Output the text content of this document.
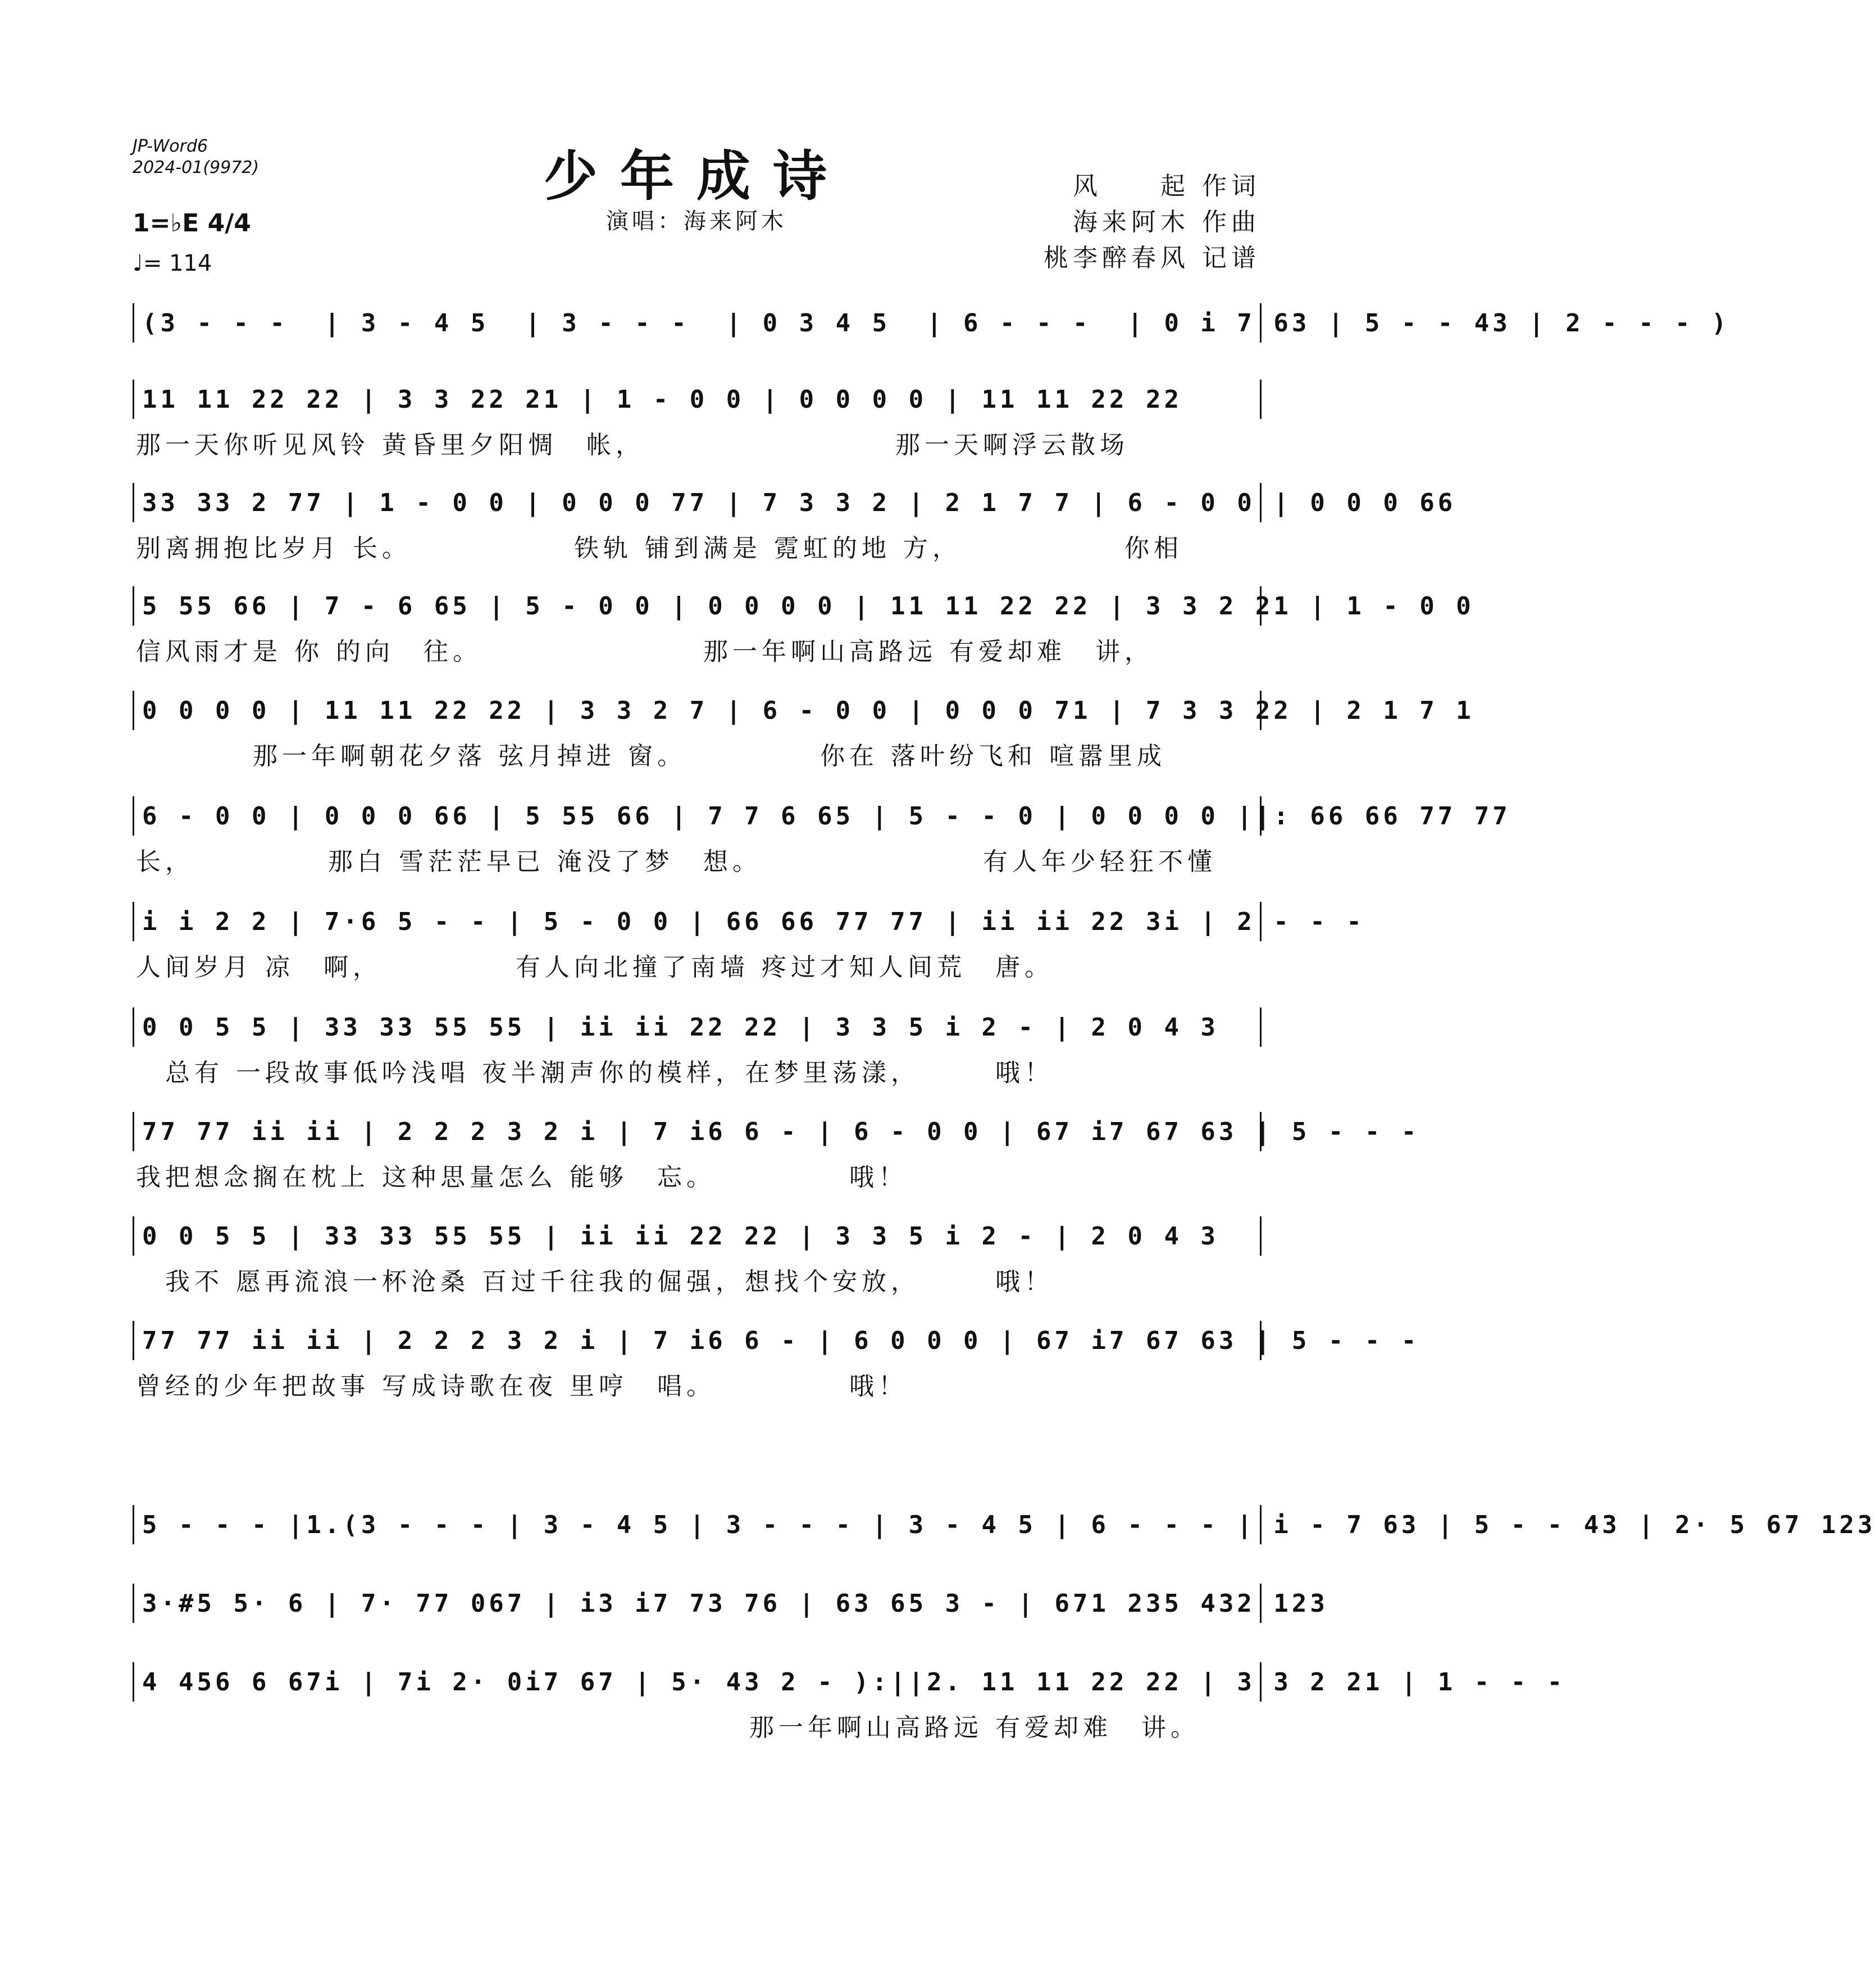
JP-Word6
2024-01(9972)	少年成诗
演唱：海来阿木
风　　起 作词
海来阿木 作曲
桃李醉春风 记谱
1=♭E 4/4
♩= 114
(3 - - -  | 3 - 4 5  | 3 - - -  | 0 3 4 5  | 6 - - -  | 0 i 7 63 | 5 - - 43 | 2 - - - )
11 11 22 22 | 3 3 22 21 | 1 - 0 0 | 0 0 0 0 | 11 11 22 22
那一天你听见风铃 黄昏里夕阳惆　帐，　　　　　　　　　那一天啊浮云散场
33 33 2 77 | 1 - 0 0 | 0 0 0 77 | 7 3 3 2 | 2 1 7 7 | 6 - 0 0 | 0 0 0 66
别离拥抱比岁月 长。　　　　　　铁轨 铺到满是 霓虹的地 方，　　　　　　你相
5 55 66 | 7 - 6 65 | 5 - 0 0 | 0 0 0 0 | 11 11 22 22 | 3 3 2 21 | 1 - 0 0
信风雨才是 你 的向　往。　　　　　　　　那一年啊山高路远 有爱却难　讲，
0 0 0 0 | 11 11 22 22 | 3 3 2 7 | 6 - 0 0 | 0 0 0 71 | 7 3 3 22 | 2 1 7 1
　　　　那一年啊朝花夕落 弦月掉进 窗。　　　　　你在 落叶纷飞和 喧嚣里成
6 - 0 0 | 0 0 0 66 | 5 55 66 | 7 7 6 65 | 5 - - 0 | 0 0 0 0 ||: 66 66 77 77
长，　　　　　那白 雪茫茫早已 淹没了梦　想。　　　　　　　　有人年少轻狂不懂
i i 2 2 | 7·6 5 - - | 5 - 0 0 | 66 66 77 77 | ii ii 22 3i | 2 - - -
人间岁月 凉　啊，　　　　　有人向北撞了南墙 疼过才知人间荒　唐。
0 0 5 5 | 33 33 55 55 | ii ii 22 22 | 3 3 5 i 2 - | 2 0 4 3
　总有 一段故事低吟浅唱 夜半潮声你的模样，在梦里荡漾，　　　哦！
77 77 ii ii | 2 2 2 3 2 i | 7 i6 6 - | 6 - 0 0 | 67 i7 67 63 | 5 - - -
我把想念搁在枕上 这种思量怎么 能够　忘。　　　　　哦！
0 0 5 5 | 33 33 55 55 | ii ii 22 22 | 3 3 5 i 2 - | 2 0 4 3
　我不 愿再流浪一杯沧桑 百过千往我的倔强，想找个安放，　　　哦！
77 77 ii ii | 2 2 2 3 2 i | 7 i6 6 - | 6 0 0 0 | 67 i7 67 63 | 5 - - -
曾经的少年把故事 写成诗歌在夜 里哼　唱。　　　　　哦！
5 - - - |1.(3 - - - | 3 - 4 5 | 3 - - - | 3 - 4 5 | 6 - - - | i - 7 63 | 5 - - 43 | 2· 5 67 123
3·#5 5· 6 | 7· 77 067 | i3 i7 73 76 | 63 65 3 - | 671 235 432 123
4 456 6 67i | 7i 2· 0i7 67 | 5· 43 2 - ):||2. 11 11 22 22 | 3 3 2 21 | 1 - - -
　　　　　　　　　　　　　　　　　　　　　那一年啊山高路远 有爱却难　讲。
